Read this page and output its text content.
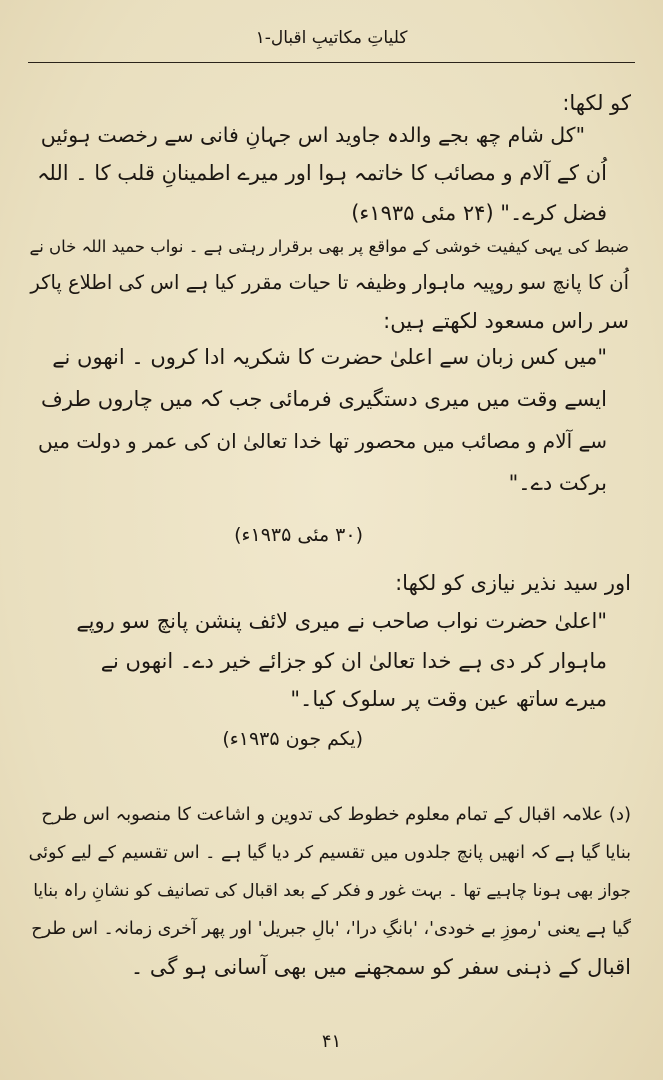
کلیاتِ مکاتیبِ اقبال-۱
کو لکھا:
"کل شام چھ بجے والدہ جاوید اس جہانِ فانی سے رخصت ہوئیں
اُن کے آلام و مصائب کا خاتمہ ہوا اور میرے اطمینانِ قلب کا ۔ اللہ
فضل کرے۔" (۲۴ مئی ۱۹۳۵ء)
ضبط کی یہی کیفیت خوشی کے مواقع پر بھی برقرار رہتی ہے ۔ نواب حمید اللہ خاں نے
اُن کا پانچ سو روپیہ ماہوار وظیفہ تا حیات مقرر کیا ہے اس کی اطلاع پاکر
سر راس مسعود لکھتے ہیں:
"میں کس زبان سے اعلیٰ حضرت کا شکریہ ادا کروں ۔ انھوں نے
ایسے وقت میں میری دستگیری فرمائی جب کہ میں چاروں طرف
سے آلام و مصائب میں محصور تھا خدا تعالیٰ ان کی عمر و دولت میں
برکت دے۔"
(۳۰ مئی ۱۹۳۵ء)
اور سید نذیر نیازی کو لکھا:
"اعلیٰ حضرت نواب صاحب نے میری لائف پنشن پانچ سو روپے
ماہوار کر دی ہے خدا تعالیٰ ان کو جزائے خیر دے۔ انھوں نے
میرے ساتھ عین وقت پر سلوک کیا۔"
(یکم جون ۱۹۳۵ء)
(د) علامہ اقبال کے تمام معلوم خطوط کی تدوین و اشاعت کا منصوبہ اس طرح
بنایا گیا ہے کہ انھیں پانچ جلدوں میں تقسیم کر دیا گیا ہے ۔ اس تقسیم کے لیے کوئی
جواز بھی ہونا چاہیے تھا ۔ بہت غور و فکر کے بعد اقبال کی تصانیف کو نشانِ راہ بنایا
گیا ہے یعنی 'رموزِ بے خودی'، 'بانگِ درا'، 'بالِ جبریل' اور پھر آخری زمانہ۔ اس طرح
اقبال کے ذہنی سفر کو سمجھنے میں بھی آسانی ہو گی ۔
۴۱
